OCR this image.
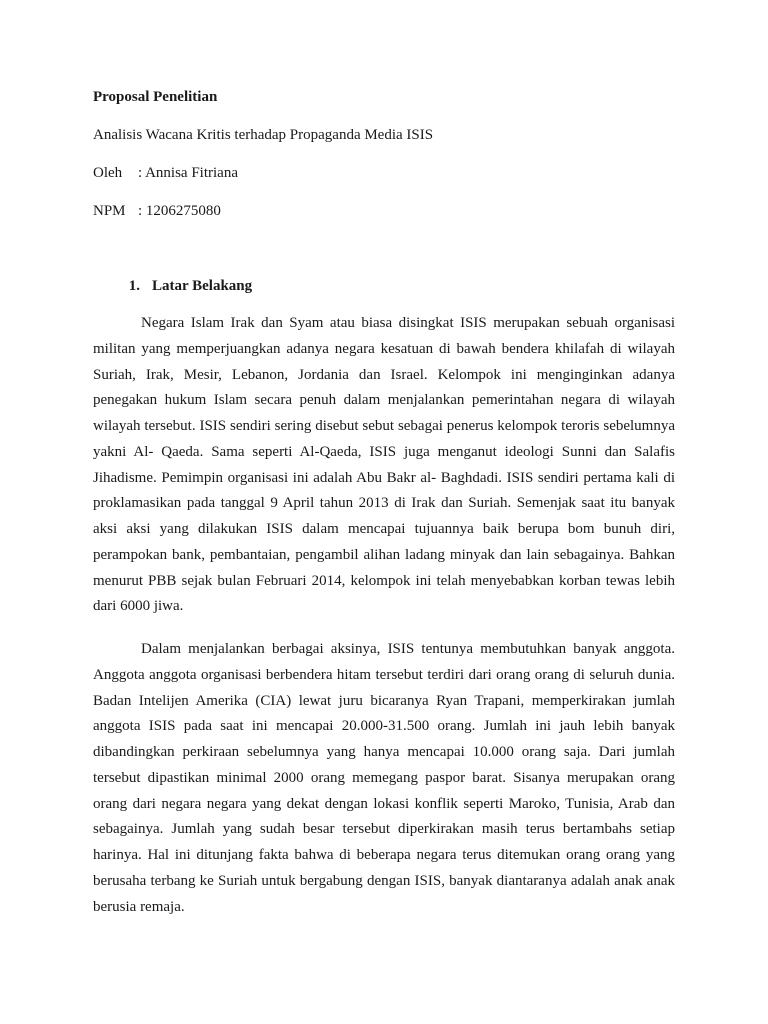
Proposal Penelitian

Analisis Wacana Kritis terhadap Propaganda Media ISIS

Oleh	: Annisa Fitriana
NPM : 1206275080
1. Latar Belakang

Negara Islam Irak dan Syam atau biasa disingkat ISIS merupakan sebuah organisasi militan yang memperjuangkan adanya negara kesatuan di bawah bendera khilafah di wilayah Suriah, Irak, Mesir, Lebanon, Jordania dan Israel. Kelompok ini menginginkan adanya penegakan hukum Islam secara penuh dalam menjalankan pemerintahan negara di wilayah wilayah tersebut. ISIS sendiri sering disebut sebut sebagai penerus kelompok teroris sebelumnya yakni Al- Qaeda. Sama seperti Al-Qaeda, ISIS juga menganut ideologi Sunni dan Salafis Jihadisme. Pemimpin organisasi ini adalah Abu Bakr al- Baghdadi. ISIS sendiri pertama kali di proklamasikan pada tanggal 9 April tahun 2013 di Irak dan Suriah. Semenjak saat itu banyak aksi aksi yang dilakukan ISIS dalam mencapai tujuannya baik berupa bom bunuh diri, perampokan bank, pembantaian, pengambil alihan ladang minyak dan lain sebagainya. Bahkan menurut PBB sejak bulan Februari 2014, kelompok ini telah menyebabkan korban tewas lebih dari 6000 jiwa.

Dalam menjalankan berbagai aksinya, ISIS tentunya membutuhkan banyak anggota. Anggota anggota organisasi berbendera hitam tersebut terdiri dari orang orang di seluruh dunia. Badan Intelijen Amerika (CIA) lewat juru bicaranya Ryan Trapani, memperkirakan jumlah anggota ISIS pada saat ini mencapai 20.000-31.500 orang. Jumlah ini jauh lebih banyak dibandingkan perkiraan sebelumnya yang hanya mencapai 10.000 orang saja. Dari jumlah tersebut dipastikan minimal 2000 orang memegang paspor barat. Sisanya merupakan orang orang dari negara negara yang dekat dengan lokasi konflik seperti Maroko, Tunisia, Arab dan sebagainya. Jumlah yang sudah besar tersebut diperkirakan masih terus bertambahs setiap harinya. Hal ini ditunjang fakta bahwa di beberapa negara terus ditemukan orang orang yang berusaha terbang ke Suriah untuk bergabung dengan ISIS, banyak diantaranya adalah anak anak berusia remaja.
